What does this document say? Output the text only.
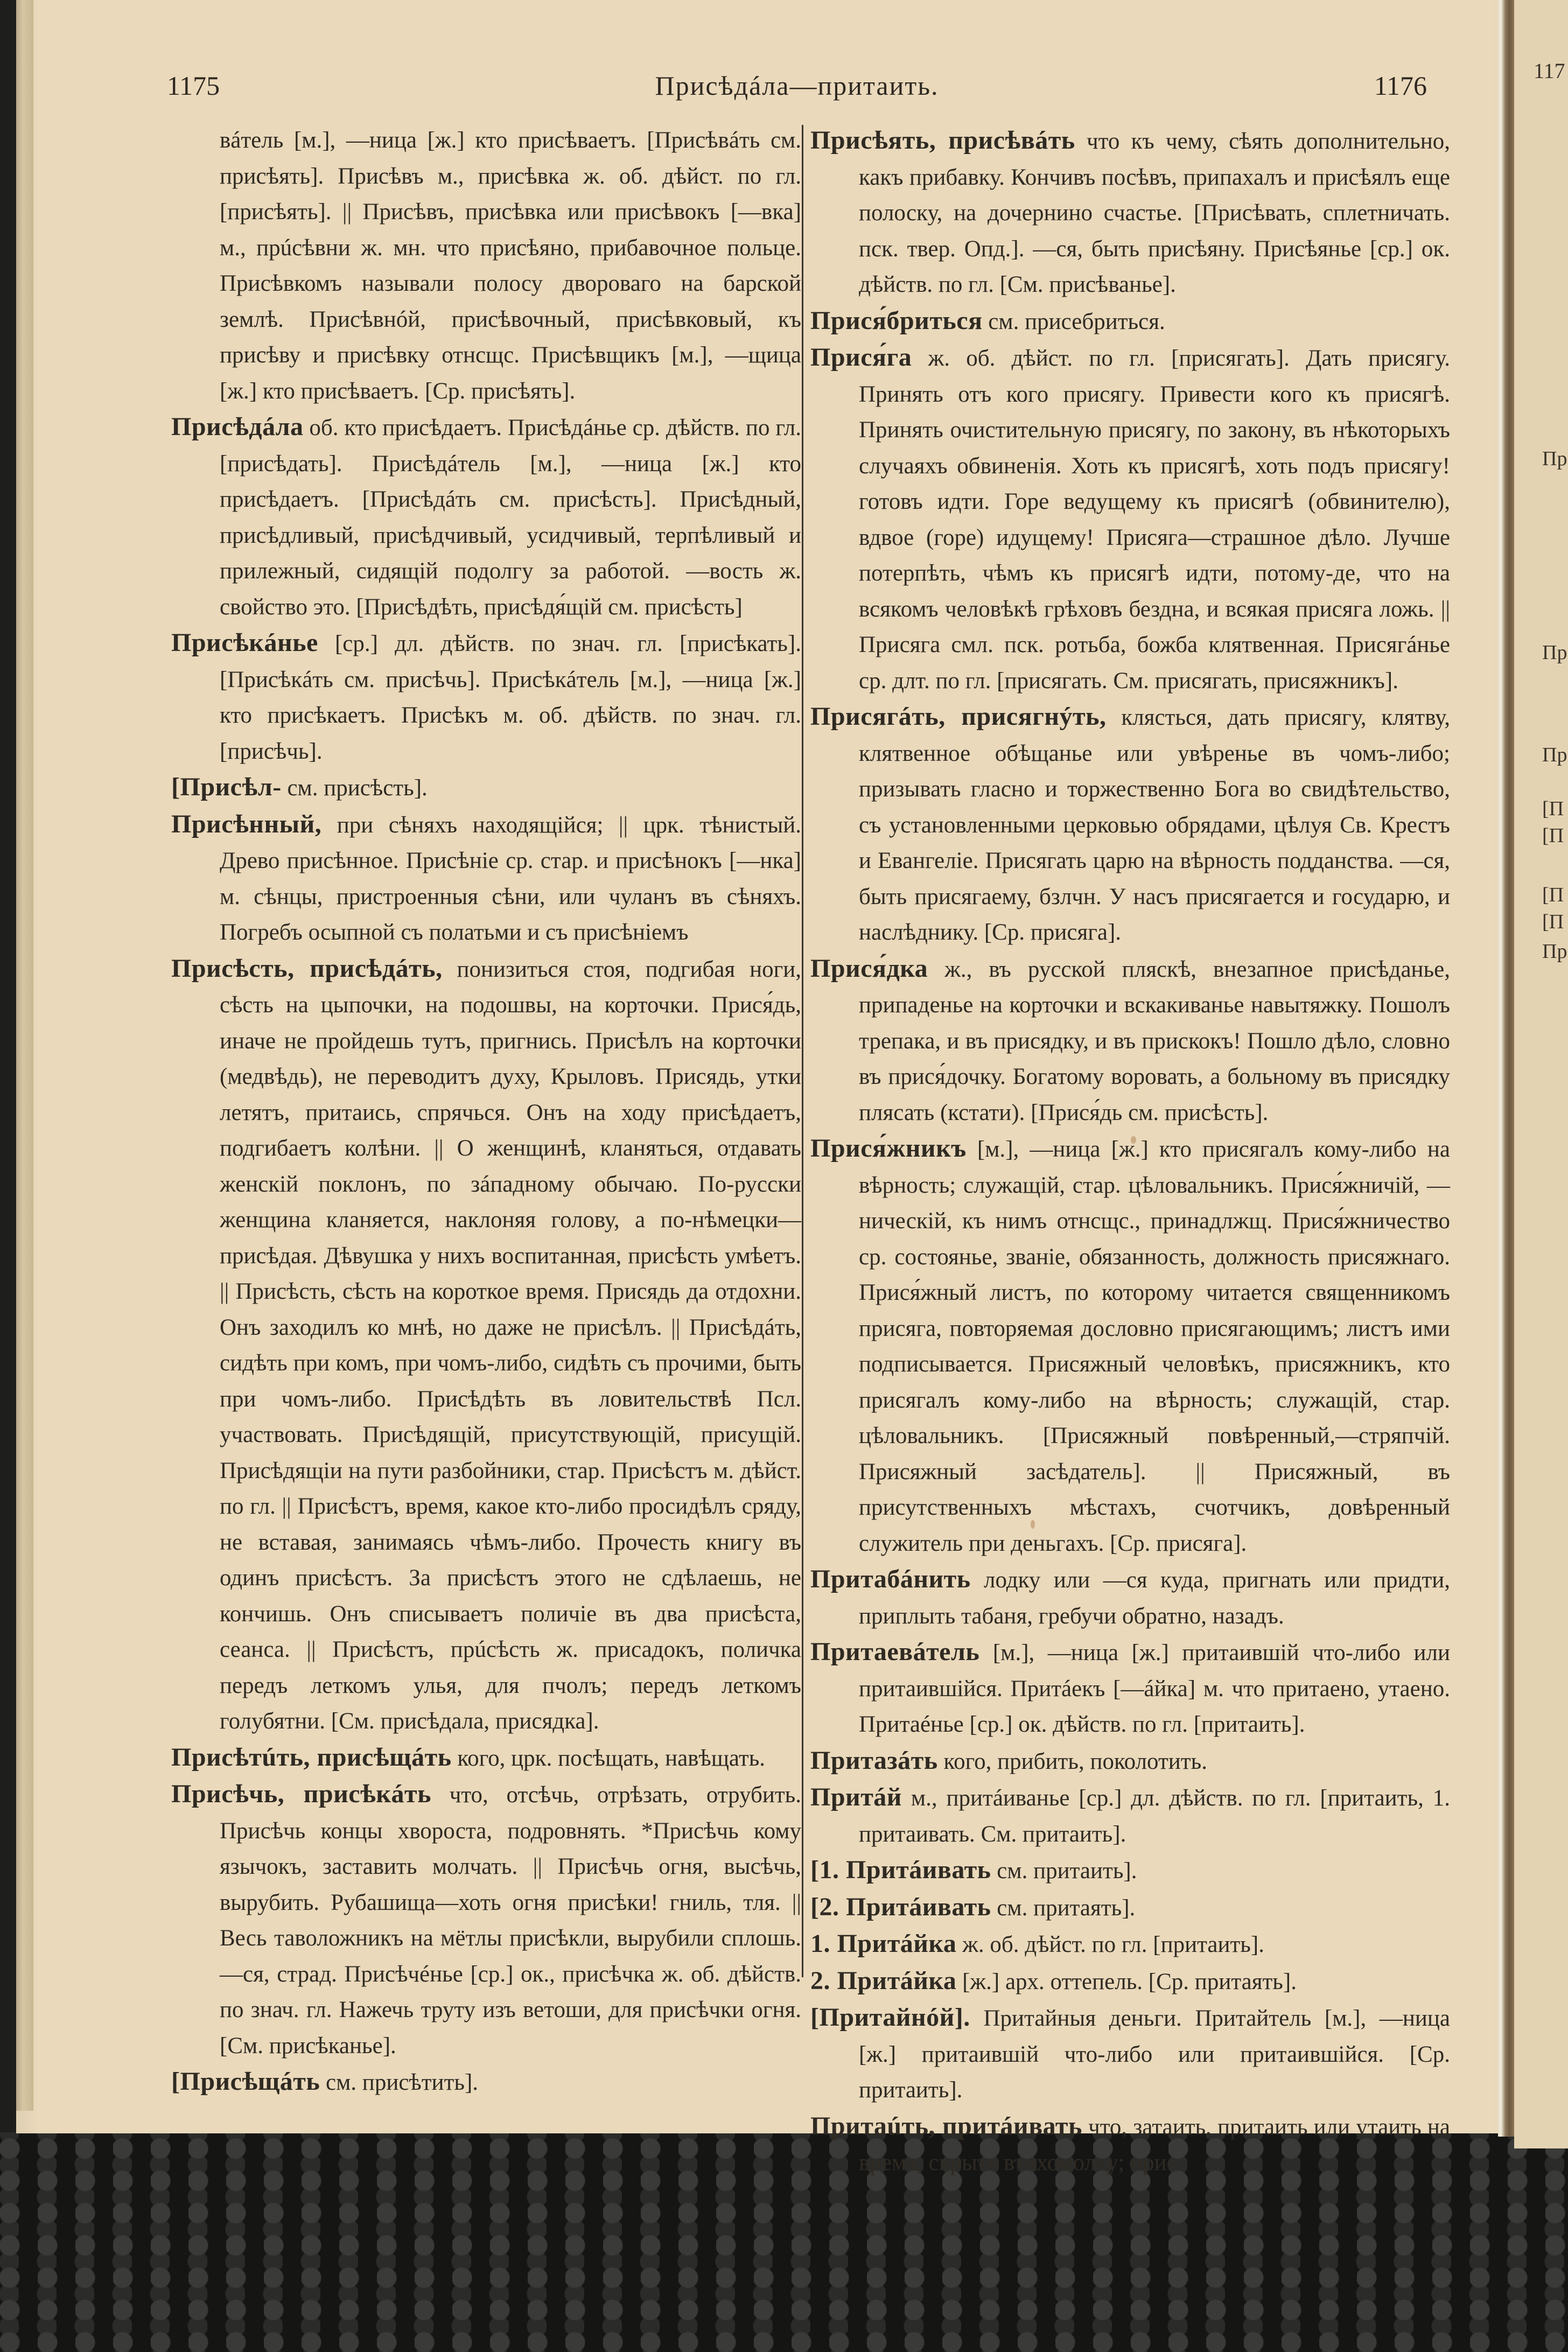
117
Пр
Пр
Пр
[П
[П
[П
[П
Пр
1175	Присѣдáла—притаить.	1176

вáтель [м.], —ница [ж.] кто присѣваетъ. [Присѣвáть см. присѣять]. Присѣвъ м., присѣвка ж. об. дѣйст. по гл. [присѣять]. || Присѣвъ, присѣвка или присѣвокъ [—вка] м., прúсѣвни ж. мн. что присѣяно, прибавочное польце. Присѣвкомъ называли полосу двороваго на барской землѣ. Присѣвнóй, присѣвочный, присѣвковый, къ присѣву и присѣвку отнсщс. Присѣвщикъ [м.], —щица [ж.] кто присѣваетъ. [Ср. присѣять].

Присѣдáла об. кто присѣдаетъ. Присѣдáнье ср. дѣйств. по гл. [присѣдать]. Присѣдáтель [м.], —ница [ж.] кто присѣдаетъ. [Присѣдáть см. присѣсть]. Присѣдный, присѣдливый, присѣдчивый, усидчивый, терпѣливый и прилежный, сидящій подолгу за работой. —вость ж. свойство это. [Присѣдѣть, присѣдя́щій см. присѣсть]

Присѣкáнье [ср.] дл. дѣйств. по знач. гл. [присѣкать]. [Присѣкáть см. присѣчь]. Присѣкáтель [м.], —ница [ж.] кто присѣкаетъ. Присѣкъ м. об. дѣйств. по знач. гл. [присѣчь].

[Присѣл- см. присѣсть].

Присѣнный, при сѣняхъ находящійся; || црк. тѣнистый. Древо присѣнное. Присѣніе ср. стар. и присѣнокъ [—нка] м. сѣнцы, пристроенныя сѣни, или чуланъ въ сѣняхъ. Погребъ осыпной съ полатьми и съ присѣніемъ

Присѣсть, присѣдáть, понизиться стоя, подгибая ноги, сѣсть на цыпочки, на подошвы, на корточки. Прися́дь, иначе не пройдешь тутъ, пригнись. Присѣлъ на корточки (медвѣдь), не переводитъ духу, Крыловъ. Присядь, утки летятъ, притаись, спрячься. Онъ на ходу присѣдаетъ, подгибаетъ колѣни. || О женщинѣ, кланяться, отдавать женскій поклонъ, по зáпадному обычаю. По-русски женщина кланяется, наклоняя голову, а по-нѣмецки—присѣдая. Дѣвушка у нихъ воспитанная, присѣсть умѣетъ. || Присѣсть, сѣсть на короткое время. Присядь да отдохни. Онъ заходилъ ко мнѣ, но даже не присѣлъ. || Присѣдáть, сидѣть при комъ, при чомъ-либо, сидѣть съ прочими, быть при чомъ-либо. Присѣдѣть въ ловительствѣ Псл. участвовать. Присѣдящій, присутствующій, присущій. Присѣдящіи на пути разбойники, стар. Присѣстъ м. дѣйст. по гл. || Присѣстъ, время, какое кто-либо просидѣлъ сряду, не вставая, занимаясь чѣмъ-либо. Прочесть книгу въ одинъ присѣстъ. За присѣстъ этого не сдѣлаешь, не кончишь. Онъ списываетъ поличіе въ два присѣста, сеанса. || Присѣстъ, прúсѣсть ж. присадокъ, поличка передъ леткомъ улья, для пчолъ; передъ леткомъ голубятни. [См. присѣдала, присядка].

Присѣтúть, присѣщáть кого, црк. посѣщать, навѣщать.

Присѣчь, присѣкáть что, отсѣчь, отрѣзать, отрубить. Присѣчь концы хвороста, подровнять. *Присѣчь кому язычокъ, заставить молчать. || Присѣчь огня, высѣчь, вырубить. Рубашища—хоть огня присѣки! гниль, тля. || Весь таволожникъ на мётлы присѣкли, вырубили сплошь. —ся, страд. Присѣчéнье [ср.] ок., присѣчка ж. об. дѣйств. по знач. гл. Нажечь труту изъ ветоши, для присѣчки огня. [См. присѣканье].

[Присѣщáть см. присѣтить].

Присѣять, присѣвáть что къ чему, сѣять дополнительно, какъ прибавку. Кончивъ посѣвъ, припахалъ и присѣялъ еще полоску, на дочернино счастье. [Присѣвать, сплетничать. пск. твер. Опд.]. —ся, быть присѣяну. Присѣянье [ср.] ок. дѣйств. по гл. [См. присѣванье].

Прися́бриться см. присебриться.

Прися́га ж. об. дѣйст. по гл. [присягать]. Дать присягу. Принять отъ кого присягу. Привести кого къ присягѣ. Принять очистительную присягу, по закону, въ нѣкоторыхъ случаяхъ обвиненія. Хоть къ присягѣ, хоть подъ присягу! готовъ идти. Горе ведущему къ присягѣ (обвинителю), вдвое (горе) идущему! Присяга—страшное дѣло. Лучше потерпѣть, чѣмъ къ присягѣ идти, потому-де, что на всякомъ человѣкѣ грѣховъ бездна, и всякая присяга ложь. || Присяга смл. пск. ротьба, божба клятвенная. Присягáнье ср. длт. по гл. [присягать. См. присягать, присяжникъ].

Присягáть, присягнýть, клясться, дать присягу, клятву, клятвенное обѣщанье или увѣренье въ чомъ-либо; призывать гласно и торжественно Бога во свидѣтельство, съ установленными церковью обрядами, цѣлуя Св. Крестъ и Евангеліе. Присягать царю на вѣрность подданства. —ся, быть присягаему, бзлчн. У насъ присягается и государю, и наслѣднику. [Ср. присяга].

Прися́дка ж., въ русской пляскѣ, внезапное присѣданье, припаденье на корточки и вскакиванье навытяжку. Пошолъ трепака, и въ присядку, и въ прискокъ! Пошло дѣло, словно въ прися́дочку. Богатому воровать, а больному въ присядку плясать (кстати). [Прися́дь см. присѣсть].

Прися́жникъ [м.], —ница [ж.] кто присягалъ кому-либо на вѣрность; служащій, стар. цѣловальникъ. Прися́жничій, —ническій, къ нимъ отнсщс., принадлжщ. Прися́жничество ср. состоянье, званіе, обязанность, должность присяжнаго. Прися́жный листъ, по которому читается священникомъ присяга, повторяемая дословно присягающимъ; листъ ими подписывается. Присяжный человѣкъ, присяжникъ, кто присягалъ кому-либо на вѣрность; служащій, стар. цѣловальникъ. [Присяжный повѣренный,—стряпчій. Присяжный засѣдатель]. || Присяжный, въ присутственныхъ мѣстахъ, счотчикъ, довѣренный служитель при деньгахъ. [Ср. присяга].

Притабáнить лодку или —ся куда, пригнать или придти, приплыть табаня, гребучи обратно, назадъ.

Притаевáтель [м.], —ница [ж.] притаившій что-либо или притаившійся. Притáекъ [—áйка] м. что притаено, утаено. Притаéнье [ср.] ок. дѣйств. по гл. [притаить].

Притазáть кого, прибить, поколотить.

Притáй м., притáиванье [ср.] дл. дѣйств. по гл. [притаить, 1. притаивать. См. притаить].

[1. Притáивать см. притаить].

[2. Притáивать см. притаять].

1. Притáйка ж. об. дѣйст. по гл. [притаить].

2. Притáйка [ж.] арх. оттепель. [Ср. притаять].

[Притайнóй]. Притайныя деньги. Притайтель [м.], —ница [ж.] притаившій что-либо или притаившійся. [Ср. притаить].

Притаúть, притáивать что, затаить, притаить или утаить на время, скрыть втихомолку; при-
